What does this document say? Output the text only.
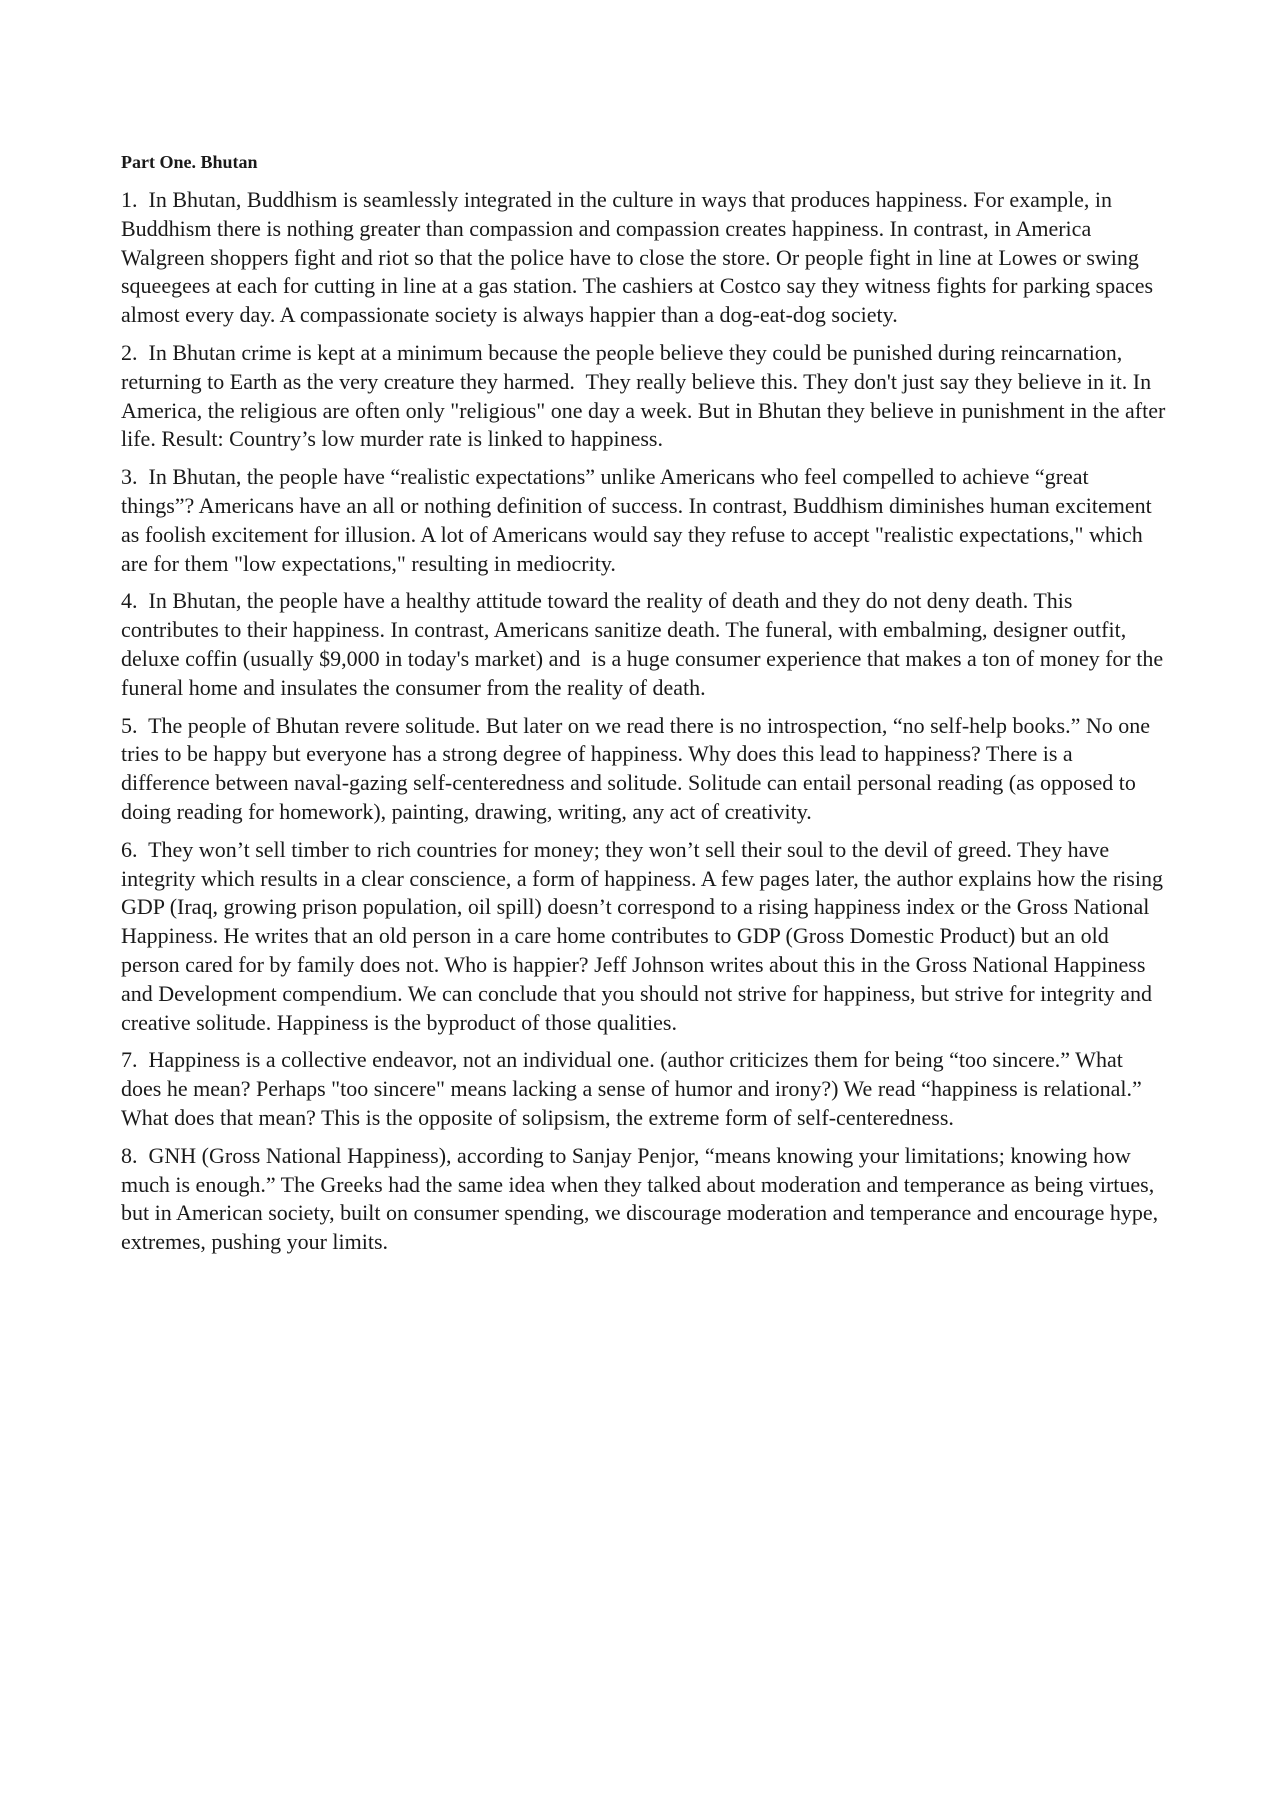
Part One. Bhutan

1.  In Bhutan, Buddhism is seamlessly integrated in the culture in ways that produces happiness. For example, in Buddhism there is nothing greater than compassion and compassion creates happiness. In contrast, in America Walgreen shoppers fight and riot so that the police have to close the store. Or people fight in line at Lowes or swing squeegees at each for cutting in line at a gas station. The cashiers at Costco say they witness fights for parking spaces almost every day. A compassionate society is always happier than a dog-eat-dog society.

2.  In Bhutan crime is kept at a minimum because the people believe they could be punished during reincarnation, returning to Earth as the very creature they harmed.  They really believe this. They don't just say they believe in it. In America, the religious are often only "religious" one day a week. But in Bhutan they believe in punishment in the after life. Result: Country’s low murder rate is linked to happiness.

3.  In Bhutan, the people have “realistic expectations” unlike Americans who feel compelled to achieve “great things”? Americans have an all or nothing definition of success. In contrast, Buddhism diminishes human excitement as foolish excitement for illusion. A lot of Americans would say they refuse to accept "realistic expectations," which are for them "low expectations," resulting in mediocrity.

4.  In Bhutan, the people have a healthy attitude toward the reality of death and they do not deny death. This contributes to their happiness. In contrast, Americans sanitize death. The funeral, with embalming, designer outfit, deluxe coffin (usually $9,000 in today's market) and  is a huge consumer experience that makes a ton of money for the funeral home and insulates the consumer from the reality of death.

5.  The people of Bhutan revere solitude. But later on we read there is no introspection, “no self-help books.” No one tries to be happy but everyone has a strong degree of happiness. Why does this lead to happiness? There is a difference between naval-gazing self-centeredness and solitude. Solitude can entail personal reading (as opposed to doing reading for homework), painting, drawing, writing, any act of creativity.

6.  They won’t sell timber to rich countries for money; they won’t sell their soul to the devil of greed. They have integrity which results in a clear conscience, a form of happiness. A few pages later, the author explains how the rising GDP (Iraq, growing prison population, oil spill) doesn’t correspond to a rising happiness index or the Gross National Happiness. He writes that an old person in a care home contributes to GDP (Gross Domestic Product) but an old person cared for by family does not. Who is happier? Jeff Johnson writes about this in the Gross National Happiness and Development compendium. We can conclude that you should not strive for happiness, but strive for integrity and creative solitude. Happiness is the byproduct of those qualities.

7.  Happiness is a collective endeavor, not an individual one. (author criticizes them for being “too sincere.” What does he mean? Perhaps "too sincere" means lacking a sense of humor and irony?) We read “happiness is relational.” What does that mean? This is the opposite of solipsism, the extreme form of self-centeredness.

8.  GNH (Gross National Happiness), according to Sanjay Penjor, “means knowing your limitations; knowing how much is enough.” The Greeks had the same idea when they talked about moderation and temperance as being virtues, but in American society, built on consumer spending, we discourage moderation and temperance and encourage hype, extremes, pushing your limits.
